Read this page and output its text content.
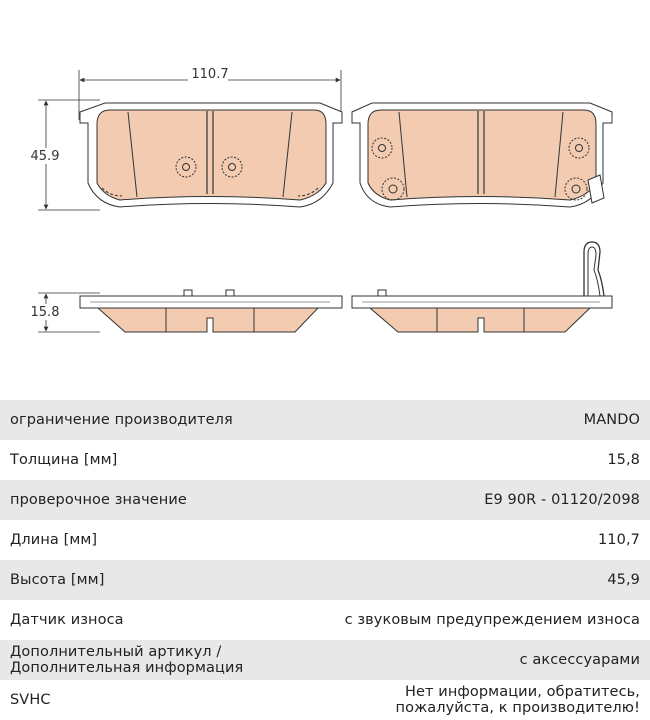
110.7
45.9
15.8
ограничение производителя	MANDO
Толщина [мм]	15,8
проверочное значение	E9 90R - 01120/2098
Длина [мм]	110,7
Высота [мм]	45,9
Датчик износа	с звуковым предупреждением износа
Дополнительный артикул / Дополнительная информация	с аксессуарами
SVHC	Нет информации, обратитесь, пожалуйста, к производителю!
